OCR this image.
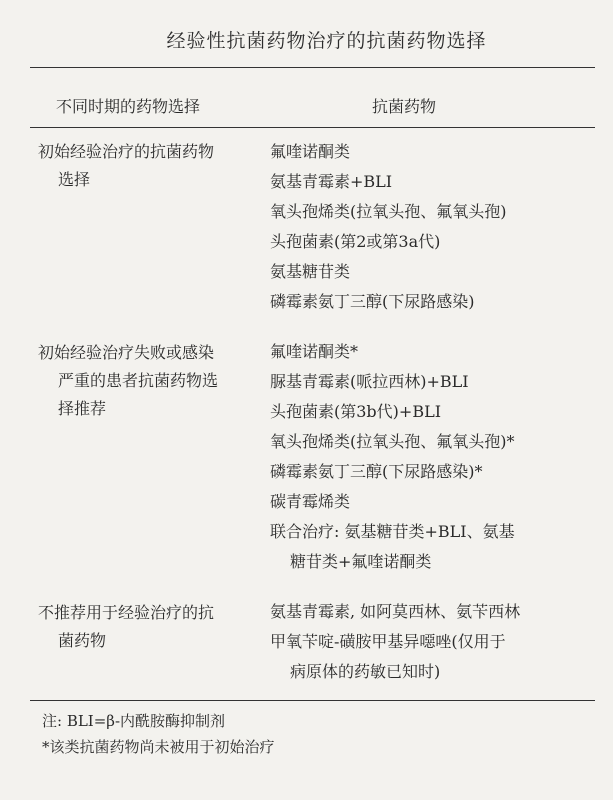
经验性抗菌药物治疗的抗菌药物选择
不同时期的药物选择	抗菌药物
初始经验治疗的抗菌药物
选择
氟喹诺酮类
氨基青霉素+BLI
氧头孢烯类(拉氧头孢、氟氧头孢)
头孢菌素(第2或第3a代)
氨基糖苷类
磷霉素氨丁三醇(下尿路感染)
初始经验治疗失败或感染
严重的患者抗菌药物选
择推荐
氟喹诺酮类*
脲基青霉素(哌拉西林)+BLI
头孢菌素(第3b代)+BLI
氧头孢烯类(拉氧头孢、氟氧头孢)*
磷霉素氨丁三醇(下尿路感染)*
碳青霉烯类
联合治疗: 氨基糖苷类+BLI、氨基
糖苷类+氟喹诺酮类
不推荐用于经验治疗的抗
菌药物
氨基青霉素, 如阿莫西林、氨苄西林
甲氧苄啶-磺胺甲基异噁唑(仅用于
病原体的药敏已知时)
注: BLI=β-内酰胺酶抑制剂
*该类抗菌药物尚未被用于初始治疗
